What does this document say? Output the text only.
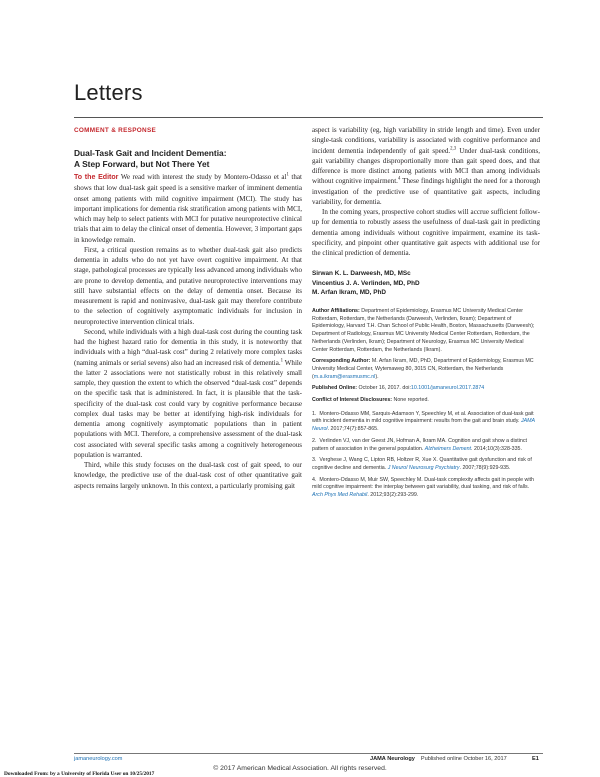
Letters
COMMENT & RESPONSE
Dual-Task Gait and Incident Dementia:
A Step Forward, but Not There Yet

To the Editor We read with interest the study by Montero-Odasso et $al^1$ that shows that low dual-task gait speed is a sensitive marker of imminent dementia onset among patients with mild cognitive impairment (MCI). The study has important implications for dementia risk stratification among patients with MCI, which may help to select patients with MCI for putative neuroprotective clinical trials that aim to delay the clinical onset of dementia. However, 3 important gaps in knowledge remain.

First, a critical question remains as to whether dual-task gait also predicts dementia in adults who do not yet have overt cognitive impairment. At that stage, pathological processes are typically less advanced among individuals who are prone to develop dementia, and putative neuroprotective interventions may still have substantial effects on the delay of dementia onset. Because its measurement is rapid and noninvasive, dual-task gait may therefore contribute to the selection of cognitively asymptomatic individuals for inclusion in neuroprotective intervention clinical trials.

Second, while individuals with a high dual-task cost during the counting task had the highest hazard ratio for dementia in this study, it is noteworthy that individuals with a high “dual-task cost” during 2 relatively more complex tasks (naming animals or serial sevens) also had an increased risk of dementia.$^1$ While the latter 2 associations were not statistically robust in this relatively small sample, they question the extent to which the observed “dual-task cost” depends on the specific task that is administered. In fact, it is plausible that the task-specificity of the dual-task cost could vary by cognitive performance because complex dual tasks may be better at identifying high-risk individuals for dementia among cognitively asymptomatic populations than in patient populations with MCI. Therefore, a comprehensive assessment of the dual-task cost associated with several specific tasks among a cognitively heterogeneous population is warranted.

Third, while this study focuses on the dual-task cost of gait speed, to our knowledge, the predictive use of the dual-task cost of other quantitative gait aspects remains largely unknown. In this context, a particularly promising gait

aspect is variability (eg, high variability in stride length and time). Even under single-task conditions, variability is associated with cognitive performance and incident dementia independently of gait speed.$^{2,3}$ Under dual-task conditions, gait variability changes disproportionally more than gait speed does, and that difference is more distinct among patients with MCI than among individuals without cognitive impairment.$^4$ These findings highlight the need for a thorough investigation of the predictive use of quantitative gait aspects, including variability, for dementia.

In the coming years, prospective cohort studies will accrue sufficient follow-up for dementia to robustly assess the usefulness of dual-task gait in predicting dementia among individuals without cognitive impairment, examine its task-specificity, and pinpoint other quantitative gait aspects with additional use for the clinical prediction of dementia.

Sirwan K. L. Darweesh, MD, MSc
Vincentius J. A. Verlinden, MD, PhD
M. Arfan Ikram, MD, PhD

Author Affiliations: Department of Epidemiology, Erasmus MC University Medical Center Rotterdam, Rotterdam, the Netherlands (Darweesh, Verlinden, Ikram); Department of Epidemiology, Harvard T.H. Chan School of Public Health, Boston, Massachusetts (Darweesh); Department of Radiology, Erasmus MC University Medical Center Rotterdam, Rotterdam, the Netherlands (Verlinden, Ikram); Department of Neurology, Erasmus MC University Medical Center Rotterdam, Rotterdam, the Netherlands (Ikram).

Corresponding Author: M. Arfan Ikram, MD, PhD, Department of Epidemiology, Erasmus MC University Medical Center, Wytemaweg 80, 3015 CN, Rotterdam, the Netherlands (m.a.ikram@erasmusmc.nl).

Published Online: October 16, 2017. doi:10.1001/jamaneurol.2017.2874

Conflict of Interest Disclosures: None reported.

1. Montero-Odasso MM, Sarquis-Adamson Y, Speechley M, et al. Association of dual-task gait with incident dementia in mild cognitive impairment: results from the gait and brain study. JAMA Neurol. 2017;74(7):857-865.
2. Verlinden VJ, van der Geest JN, Hofman A, Ikram MA. Cognition and gait show a distinct pattern of association in the general population. Alzheimers Dement. 2014;10(3):328-335.
3. Verghese J, Wang C, Lipton RB, Holtzer R, Xue X. Quantitative gait dysfunction and risk of cognitive decline and dementia. J Neurol Neurosurg Psychiatry. 2007;78(9):929-935.
4. Montero-Odasso M, Muir SW, Speechley M. Dual-task complexity affects gait in people with mild cognitive impairment: the interplay between gait variability, dual tasking, and risk of falls. Arch Phys Med Rehabil. 2012;93(2):293-299.
jamaneurology.com	JAMA Neurology Published online October 16, 2017	E1
© 2017 American Medical Association. All rights reserved.
Downloaded From: by a University of Florida User on 10/25/2017
